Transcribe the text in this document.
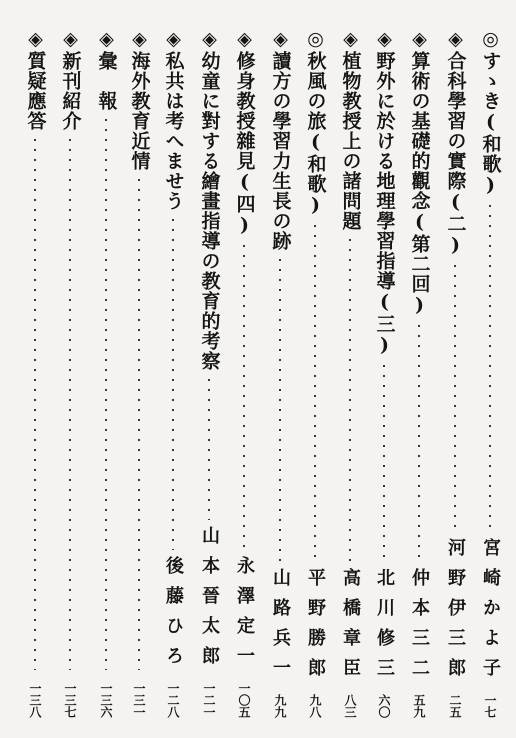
◎すゝき(和歌)
宮崎かよ子
一七
◈合科學習の實際(二)
河野伊三郎
二五
◈算術の基礎的觀念(第二回)
仲本三二
五九
◈野外に於ける地理學習指導(三)
北川修三
六〇
◈植物教授上の諸問題
高橋章臣
八三
◎秋風の旅(和歌)
平野勝郎
九八
◈讀方の學習力生長の跡
山路兵一
九九
◈修身教授雜見(四)
永澤定一
一〇五
◈幼童に對する繪畫指導の教育的考察
山本晉太郎
一二一
◈私共は考へませう
後藤ひろ
一二八
◈海外教育近情
一三一
◈彙　報
一三六
◈新刊紹介
一三七
◈質疑應答
一三八
